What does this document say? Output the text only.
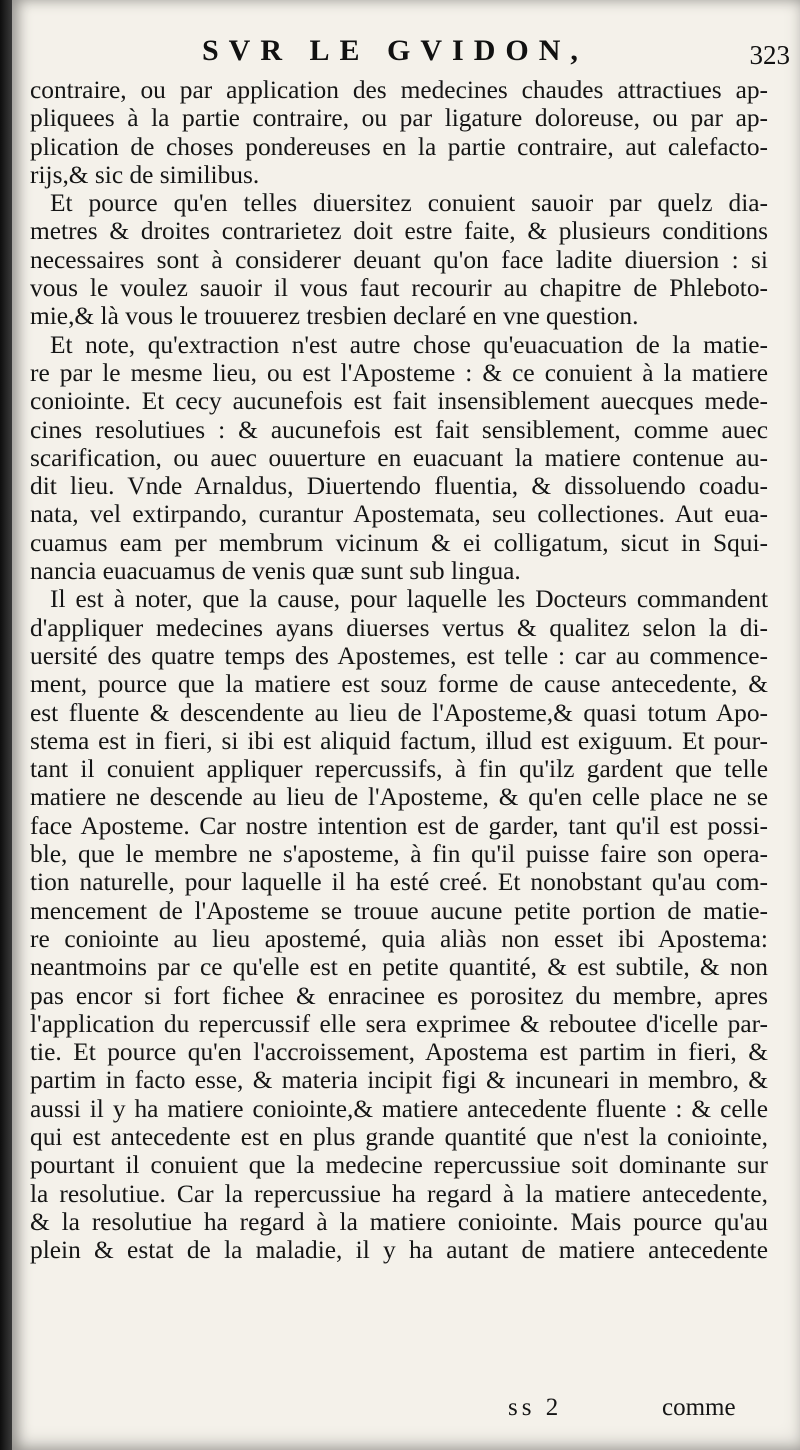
SVR LE GVIDON,	323
contraire, ou par application des medecines chaudes attractiues ap-
pliquees à la partie contraire, ou par ligature doloreuse, ou par ap-
plication de choses pondereuses en la partie contraire, aut calefacto-
rijs,& sic de similibus.
Et pource qu'en telles diuersitez conuient sauoir par quelz dia-
metres & droites contrarietez doit estre faite, & plusieurs conditions
necessaires sont à considerer deuant qu'on face ladite diuersion : si
vous le voulez sauoir il vous faut recourir au chapitre de Phleboto-
mie,& là vous le trouuerez tresbien declaré en vne question.
Et note, qu'extraction n'est autre chose qu'euacuation de la matie-
re par le mesme lieu, ou est l'Aposteme : & ce conuient à la matiere
coniointe. Et cecy aucunefois est fait insensiblement auecques mede-
cines resolutiues : & aucunefois est fait sensiblement, comme auec
scarification, ou auec ouuerture en euacuant la matiere contenue au-
dit lieu. Vnde Arnaldus, Diuertendo fluentia, & dissoluendo coadu-
nata, vel extirpando, curantur Apostemata, seu collectiones. Aut eua-
cuamus eam per membrum vicinum & ei colligatum, sicut in Squi-
nancia euacuamus de venis quæ sunt sub lingua.
Il est à noter, que la cause, pour laquelle les Docteurs commandent
d'appliquer medecines ayans diuerses vertus & qualitez selon la di-
uersité des quatre temps des Apostemes, est telle : car au commence-
ment, pource que la matiere est souz forme de cause antecedente, &
est fluente & descendente au lieu de l'Aposteme,& quasi totum Apo-
stema est in fieri, si ibi est aliquid factum, illud est exiguum. Et pour-
tant il conuient appliquer repercussifs, à fin qu'ilz gardent que telle
matiere ne descende au lieu de l'Aposteme, & qu'en celle place ne se
face Aposteme. Car nostre intention est de garder, tant qu'il est possi-
ble, que le membre ne s'aposteme, à fin qu'il puisse faire son opera-
tion naturelle, pour laquelle il ha esté creé. Et nonobstant qu'au com-
mencement de l'Aposteme se trouue aucune petite portion de matie-
re coniointe au lieu apostemé, quia aliàs non esset ibi Apostema:
neantmoins par ce qu'elle est en petite quantité, & est subtile, & non
pas encor si fort fichee & enracinee es porositez du membre, apres
l'application du repercussif elle sera exprimee & reboutee d'icelle par-
tie. Et pource qu'en l'accroissement, Apostema est partim in fieri, &
partim in facto esse, & materia incipit figi & incuneari in membro, &
aussi il y ha matiere coniointe,& matiere antecedente fluente : & celle
qui est antecedente est en plus grande quantité que n'est la coniointe,
pourtant il conuient que la medecine repercussiue soit dominante sur
la resolutiue. Car la repercussiue ha regard à la matiere antecedente,
& la resolutiue ha regard à la matiere coniointe. Mais pource qu'au
plein & estat de la maladie, il y ha autant de matiere antecedente
ss 2	comme
